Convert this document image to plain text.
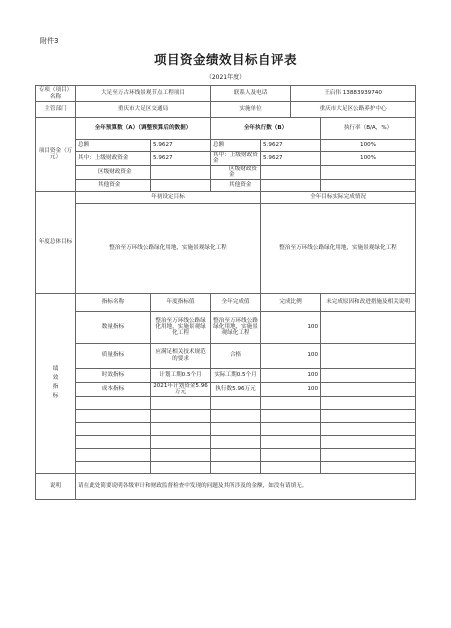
附件3
项目资金绩效目标自评表
（2021年度）
专项（项目）名称	大足至万古环线景观节点工程项目		联系人及电话		王启伟 13883939740	
主管部门	重庆市大足区交通局		实施单位		重庆市大足区公路养护中心	
项目资金（万元）	全年预算数（A）（调整预算后的数据）		全年执行数（B）			执行率（B/A，%）
	总额	5.9627	总额	5.9627		100%
	其中：上级财政资金	5.9627	其中：上级财政资金	5.9627		100%
	区级财政资金		区级财政资金			
	其他资金		其他资金			
年度总体目标	年初设定目标			全年目标实际完成情况		
	整治至万环线公路绿化用地，实施景观绿化工程			整治至万环线公路绿化用地，实施景观绿化工程		

绩效指标	指标名称	年度指标值	全年完成值	完成比例		未完成原因和改进措施及相关说明
	数量指标	整治至万环线公路绿化用地，实施景观绿化工程	整治至万环线公路绿化用地，实施景观绿化工程	100		
	质量指标	应满足相关技术规范的要求	合格	100		
	时效指标	计划工期0.5个月	实际工期0.5个月	100		
	成本指标	2021年计划资金5.96万元	执行数5.96万元	100		

说明	请在此处简要说明各级审计和财政监督检查中发现的问题及其所涉及的金额，如没有请填无。					
